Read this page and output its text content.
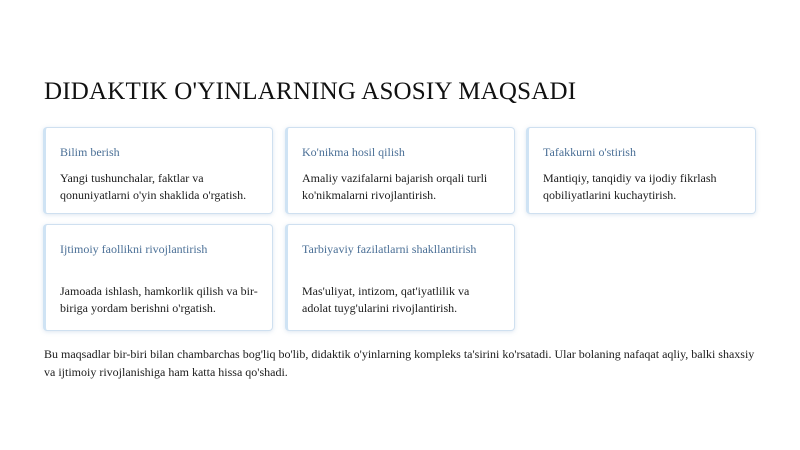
DIDAKTIK O'YINLARNING ASOSIY MAQSADI
Bilim berish
Yangi tushunchalar, faktlar va qonuniyatlarni o'yin shaklida o'rgatish.
Ko'nikma hosil qilish
Amaliy vazifalarni bajarish orqali turli ko'nikmalarni rivojlantirish.
Tafakkurni o'stirish
Mantiqiy, tanqidiy va ijodiy fikrlash qobiliyatlarini kuchaytirish.
Ijtimoiy faollikni rivojlantirish
Jamoada ishlash, hamkorlik qilish va bir-biriga yordam berishni o'rgatish.
Tarbiyaviy fazilatlarni shakllantirish
Mas'uliyat, intizom, qat'iyatlilik va adolat tuyg'ularini rivojlantirish.

Bu maqsadlar bir-biri bilan chambarchas bog'liq bo'lib, didaktik o'yinlarning kompleks ta'sirini ko'rsatadi. Ular bolaning nafaqat aqliy, balki shaxsiy va ijtimoiy rivojlanishiga ham katta hissa qo'shadi.
